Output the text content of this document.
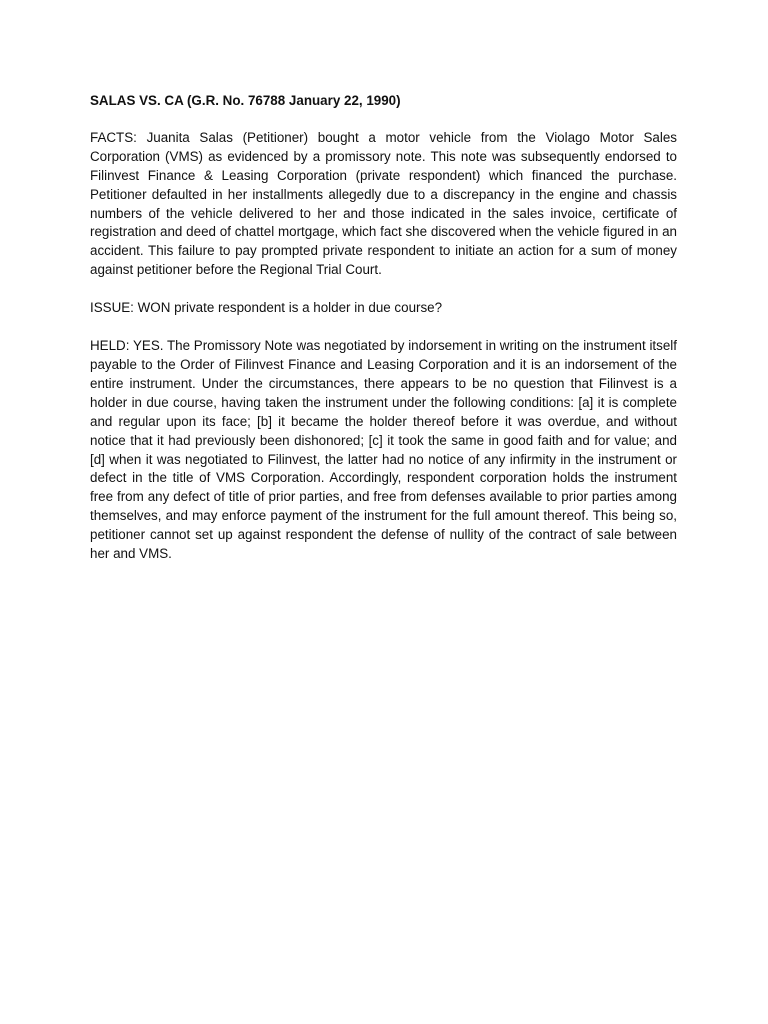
SALAS VS. CA (G.R. No. 76788 January 22, 1990)

FACTS: Juanita Salas (Petitioner) bought a motor vehicle from the Violago Motor Sales Corporation (VMS) as evidenced by a promissory note. This note was subsequently endorsed to Filinvest Finance & Leasing Corporation (private respondent) which financed the purchase. Petitioner defaulted in her installments allegedly due to a discrepancy in the engine and chassis numbers of the vehicle delivered to her and those indicated in the sales invoice, certificate of registration and deed of chattel mortgage, which fact she discovered when the vehicle figured in an accident. This failure to pay prompted private respondent to initiate an action for a sum of money against petitioner before the Regional Trial Court.

ISSUE: WON private respondent is a holder in due course?

HELD: YES. The Promissory Note was negotiated by indorsement in writing on the instrument itself payable to the Order of Filinvest Finance and Leasing Corporation and it is an indorsement of the entire instrument. Under the circumstances, there appears to be no question that Filinvest is a holder in due course, having taken the instrument under the following conditions: [a] it is complete and regular upon its face; [b] it became the holder thereof before it was overdue, and without notice that it had previously been dishonored; [c] it took the same in good faith and for value; and [d] when it was negotiated to Filinvest, the latter had no notice of any infirmity in the instrument or defect in the title of VMS Corporation. Accordingly, respondent corporation holds the instrument free from any defect of title of prior parties, and free from defenses available to prior parties among themselves, and may enforce payment of the instrument for the full amount thereof. This being so, petitioner cannot set up against respondent the defense of nullity of the contract of sale between her and VMS.
